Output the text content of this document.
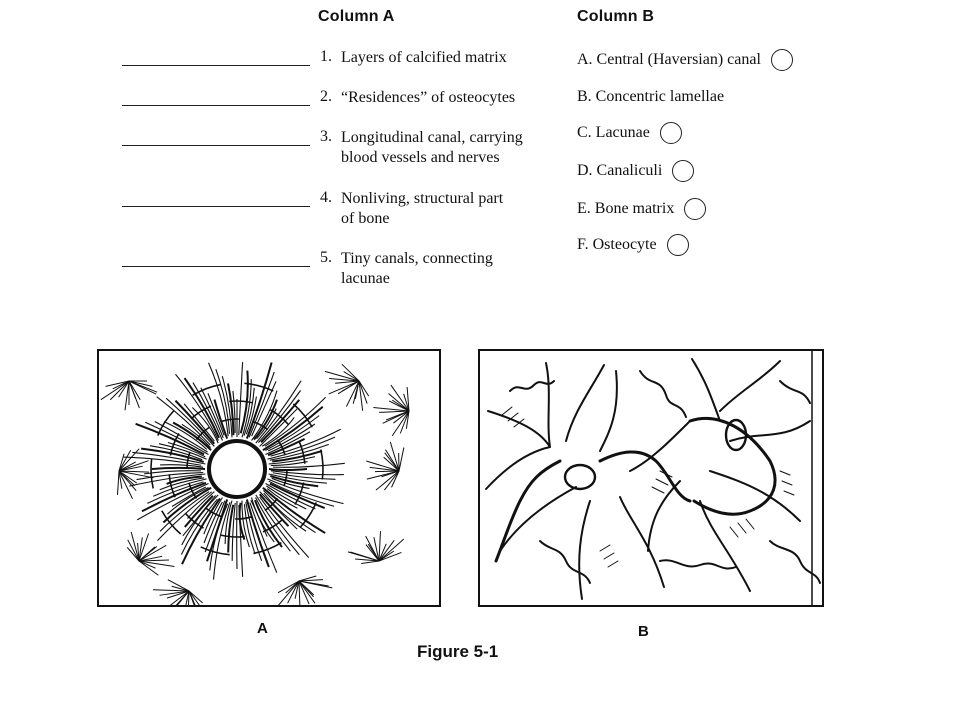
Column A	Column B
1. Layers of calcified matrix
2. “Residences” of osteocytes
3. Longitudinal canal, carrying
blood vessels and nerves
4. Nonliving, structural part
of bone
5. Tiny canals, connecting
lacunae
A. Central (Haversian) canal
B. Concentric lamellae
C. Lacunae
D. Canaliculi
E. Bone matrix
F. Osteocyte
A	B
Figure 5-1
